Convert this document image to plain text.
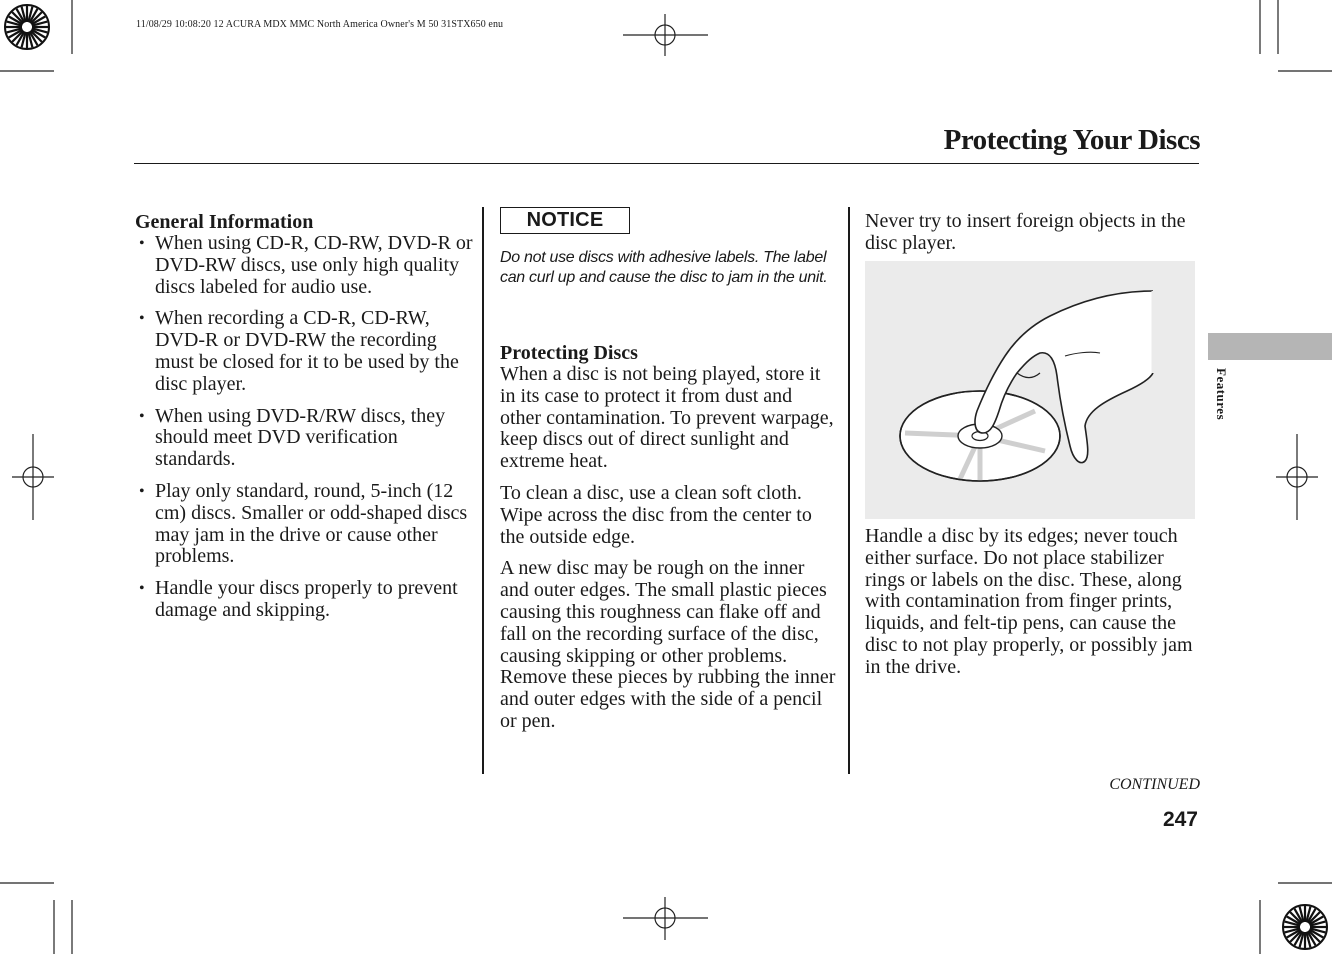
11/08/29 10:08:20 12 ACURA MDX MMC North America Owner's M 50 31STX650 enu
Protecting Your Discs
General Information
• When using CD-R, CD-RW, DVD-R or DVD-RW discs, use only high quality discs labeled for audio use.
• When recording a CD-R, CD-RW, DVD-R or DVD-RW the recording must be closed for it to be used by the disc player.
• When using DVD-R/RW discs, they should meet DVD verification standards.
• Play only standard, round, 5-inch (12 cm) discs. Smaller or odd-shaped discs may jam in the drive or cause other problems.
• Handle your discs properly to prevent damage and skipping.
NOTICE
Do not use discs with adhesive labels. The label can curl up and cause the disc to jam in the unit.
Protecting Discs

When a disc is not being played, store it in its case to protect it from dust and other contamination. To prevent warpage, keep discs out of direct sunlight and extreme heat.

To clean a disc, use a clean soft cloth. Wipe across the disc from the center to the outside edge.

A new disc may be rough on the inner and outer edges. The small plastic pieces causing this roughness can flake off and fall on the recording surface of the disc, causing skipping or other problems. Remove these pieces by rubbing the inner and outer edges with the side of a pencil or pen.

Never try to insert foreign objects in the disc player.
Handle a disc by its edges; never touch either surface. Do not place stabilizer rings or labels on the disc. These, along with contamination from finger prints, liquids, and felt-tip pens, can cause the disc to not play properly, or possibly jam in the drive.
Features
CONTINUED
247
